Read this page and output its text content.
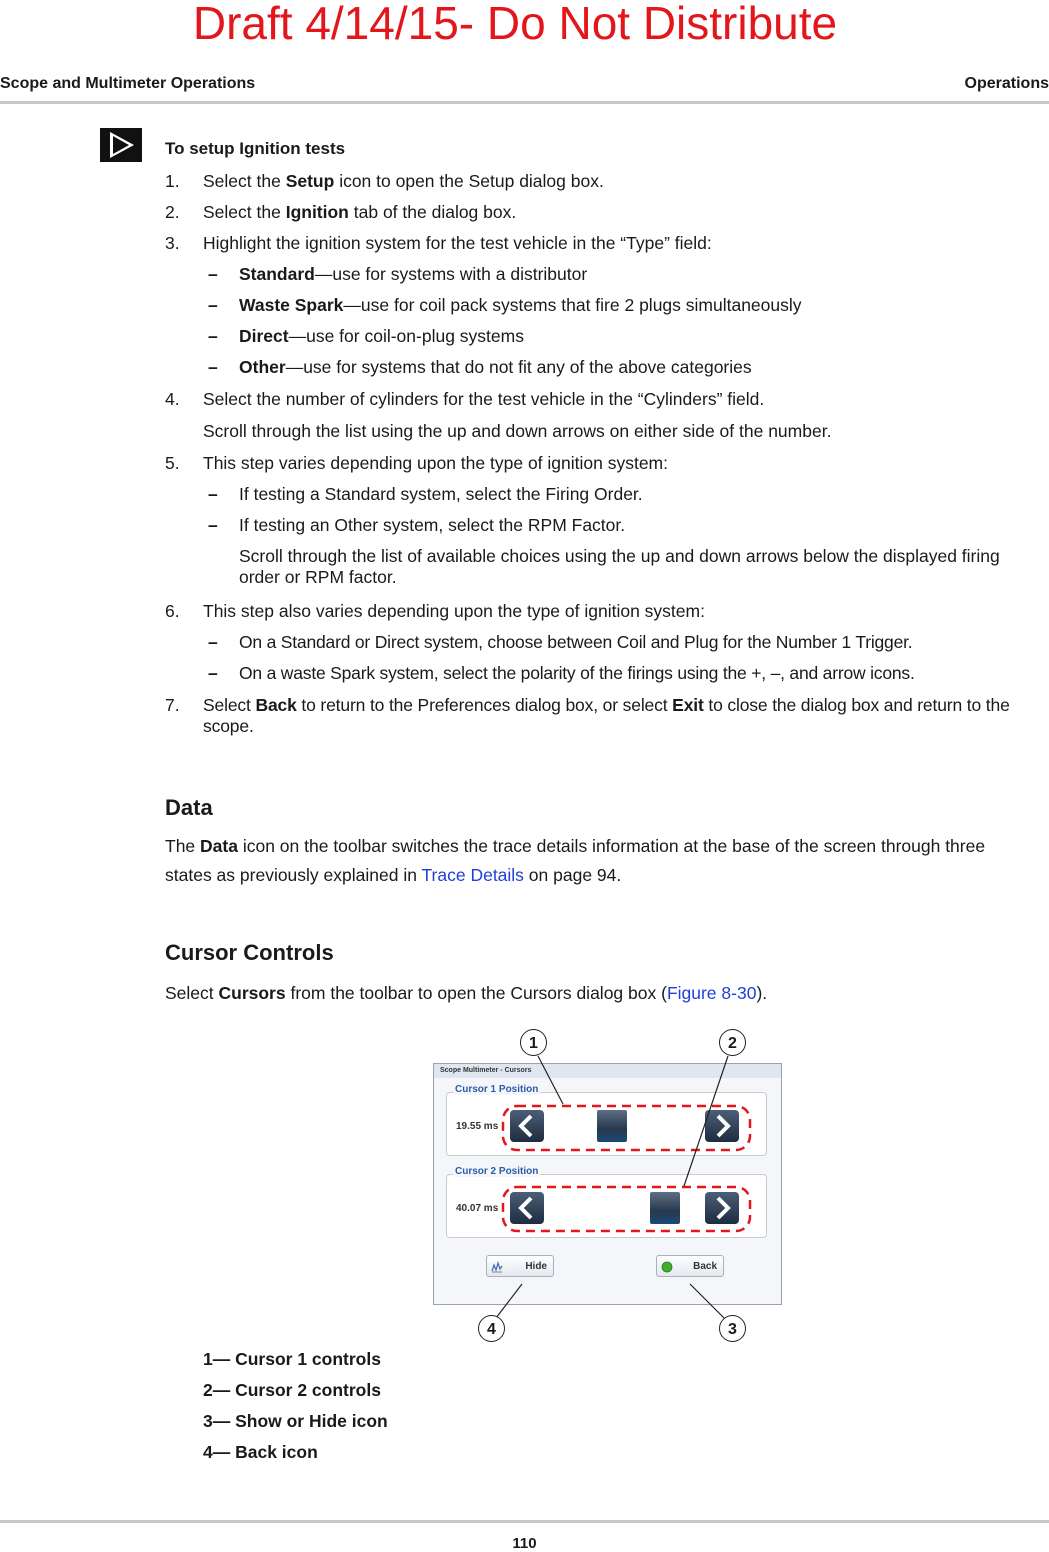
Draft 4/14/15- Do Not Distribute
Scope and Multimeter Operations	Operations
To setup Ignition tests
1. Select the Setup icon to open the Setup dialog box.
2. Select the Ignition tab of the dialog box.
3. Highlight the ignition system for the test vehicle in the “Type” field:
– Standard—use for systems with a distributor
– Waste Spark—use for coil pack systems that fire 2 plugs simultaneously
– Direct—use for coil-on-plug systems
– Other—use for systems that do not fit any of the above categories
4. Select the number of cylinders for the test vehicle in the “Cylinders” field.
Scroll through the list using the up and down arrows on either side of the number.
5. This step varies depending upon the type of ignition system:
– If testing a Standard system, select the Firing Order.
– If testing an Other system, select the RPM Factor.
Scroll through the list of available choices using the up and down arrows below the displayed firing order or RPM factor.
6. This step also varies depending upon the type of ignition system:
– On a Standard or Direct system, choose between Coil and Plug for the Number 1 Trigger.
– On a waste Spark system, select the polarity of the firings using the +, –, and arrow icons.
7. Select Back to return to the Preferences dialog box, or select Exit to close the dialog box and return to the scope.
Data
The Data icon on the toolbar switches the trace details information at the base of the screen through three states as previously explained in Trace Details on page 94.
Cursor Controls
Select Cursors from the toolbar to open the Cursors dialog box (Figure 8-30).
Scope Multimeter - Cursors
Cursor 1 Position
19.55 ms
Cursor 2 Position
40.07 ms
Hide	Back
1	2
3
4
1— Cursor 1 controls
2— Cursor 2 controls
3— Show or Hide icon
4— Back icon
110
